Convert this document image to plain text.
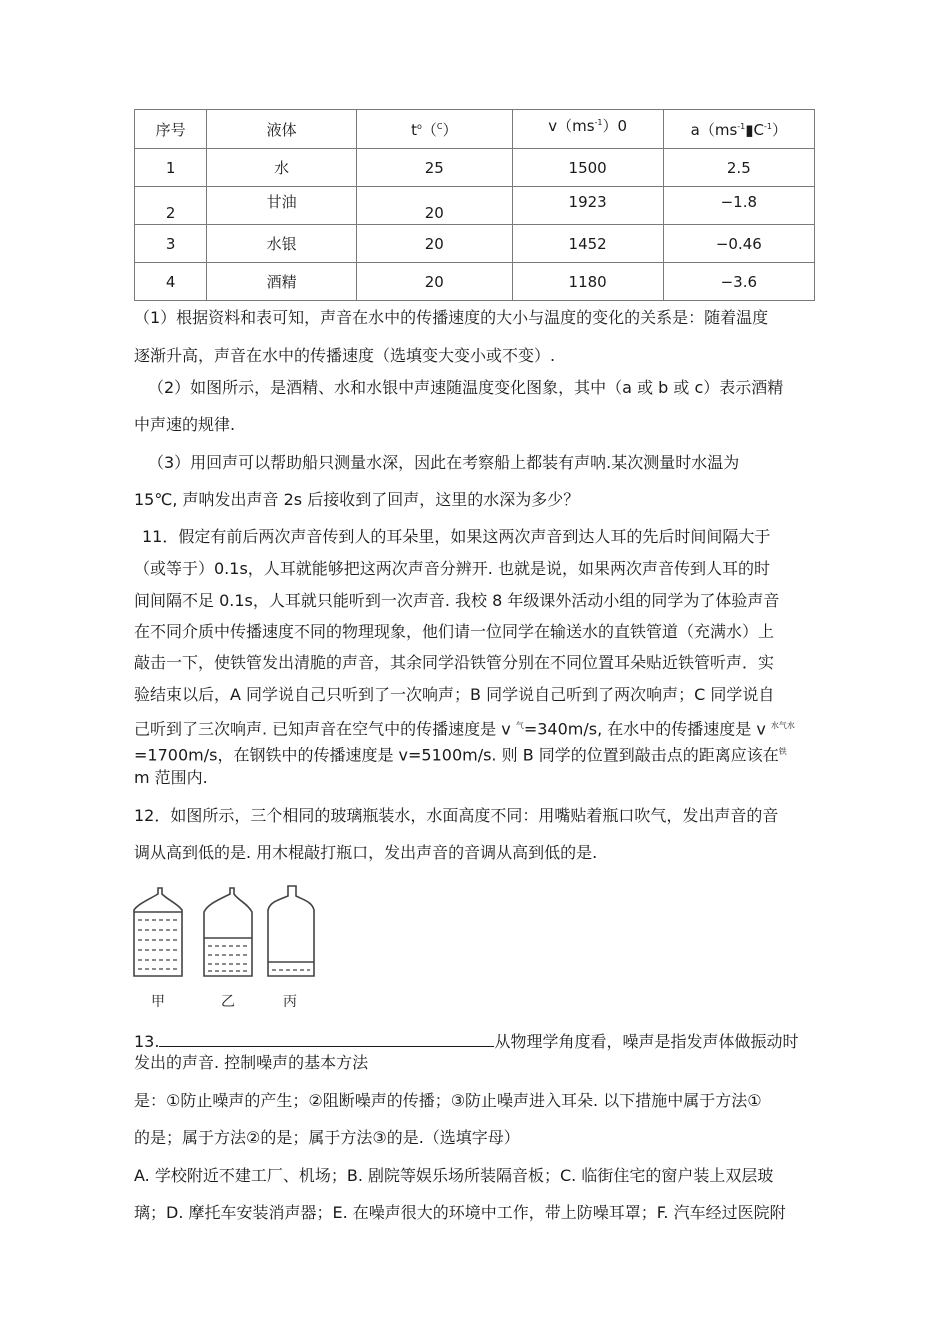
序号	液体	$t^o(^C)$	$v(ms^{-1})0$	$a(ms^{-1}▮C^{-1})$
1	水	25	1500	2.5
2	甘油	20	1923	−1.8
3	水银	20	1452	−0.46
4	酒精	20	1180	−3.6
（1）根据资料和表可知，声音在水中的传播速度的大小与温度的变化的关系是：随着温度
逐渐升高，声音在水中的传播速度（选填变大变小或不变）.
（2）如图所示，是酒精、水和水银中声速随温度变化图象，其中（a 或 b 或 c）表示酒精
中声速的规律.
（3）用回声可以帮助船只测量水深，因此在考察船上都装有声呐.某次测量时水温为
15℃, 声呐发出声音 2s 后接收到了回声，这里的水深为多少？
11．假定有前后两次声音传到人的耳朵里，如果这两次声音到达人耳的先后时间间隔大于
（或等于）0.1s，人耳就能够把这两次声音分辨开. 也就是说，如果两次声音传到人耳的时
间间隔不足 0.1s，人耳就只能听到一次声音. 我校 8 年级课外活动小组的同学为了体验声音
在不同介质中传播速度不同的物理现象，他们请一位同学在输送水的直铁管道（充满水）上
敲击一下，使铁管发出清脆的声音，其余同学沿铁管分别在不同位置耳朵贴近铁管听声．实
验结束以后，A 同学说自己只听到了一次响声；B 同学说自己听到了两次响声；C 同学说自
己听到了三次响声. 已知声音在空气中的传播速度是 v $^气$=340m/s, 在水中的传播速度是 v $^{水气水}$
=1700m/s，在钢铁中的传播速度是 v=5100m/s. 则 B 同学的位置到敲击点的距离应该在$^铁$
m 范围内.
12．如图所示，三个相同的玻璃瓶装水，水面高度不同：用嘴贴着瓶口吹气，发出声音的音
调从高到低的是. 用木棍敲打瓶口，发出声音的音调从高到低的是.
甲	乙	丙
13.	从物理学角度看，噪声是指发声体做振动时
发出的声音. 控制噪声的基本方法
是：①防止噪声的产生；②阻断噪声的传播；③防止噪声进入耳朵. 以下措施中属于方法①
的是；属于方法②的是；属于方法③的是.（选填字母）
A. 学校附近不建工厂、机场；B. 剧院等娱乐场所装隔音板；C. 临街住宅的窗户装上双层玻
璃；D. 摩托车安装消声器；E. 在噪声很大的环境中工作，带上防噪耳罩；F. 汽车经过医院附
